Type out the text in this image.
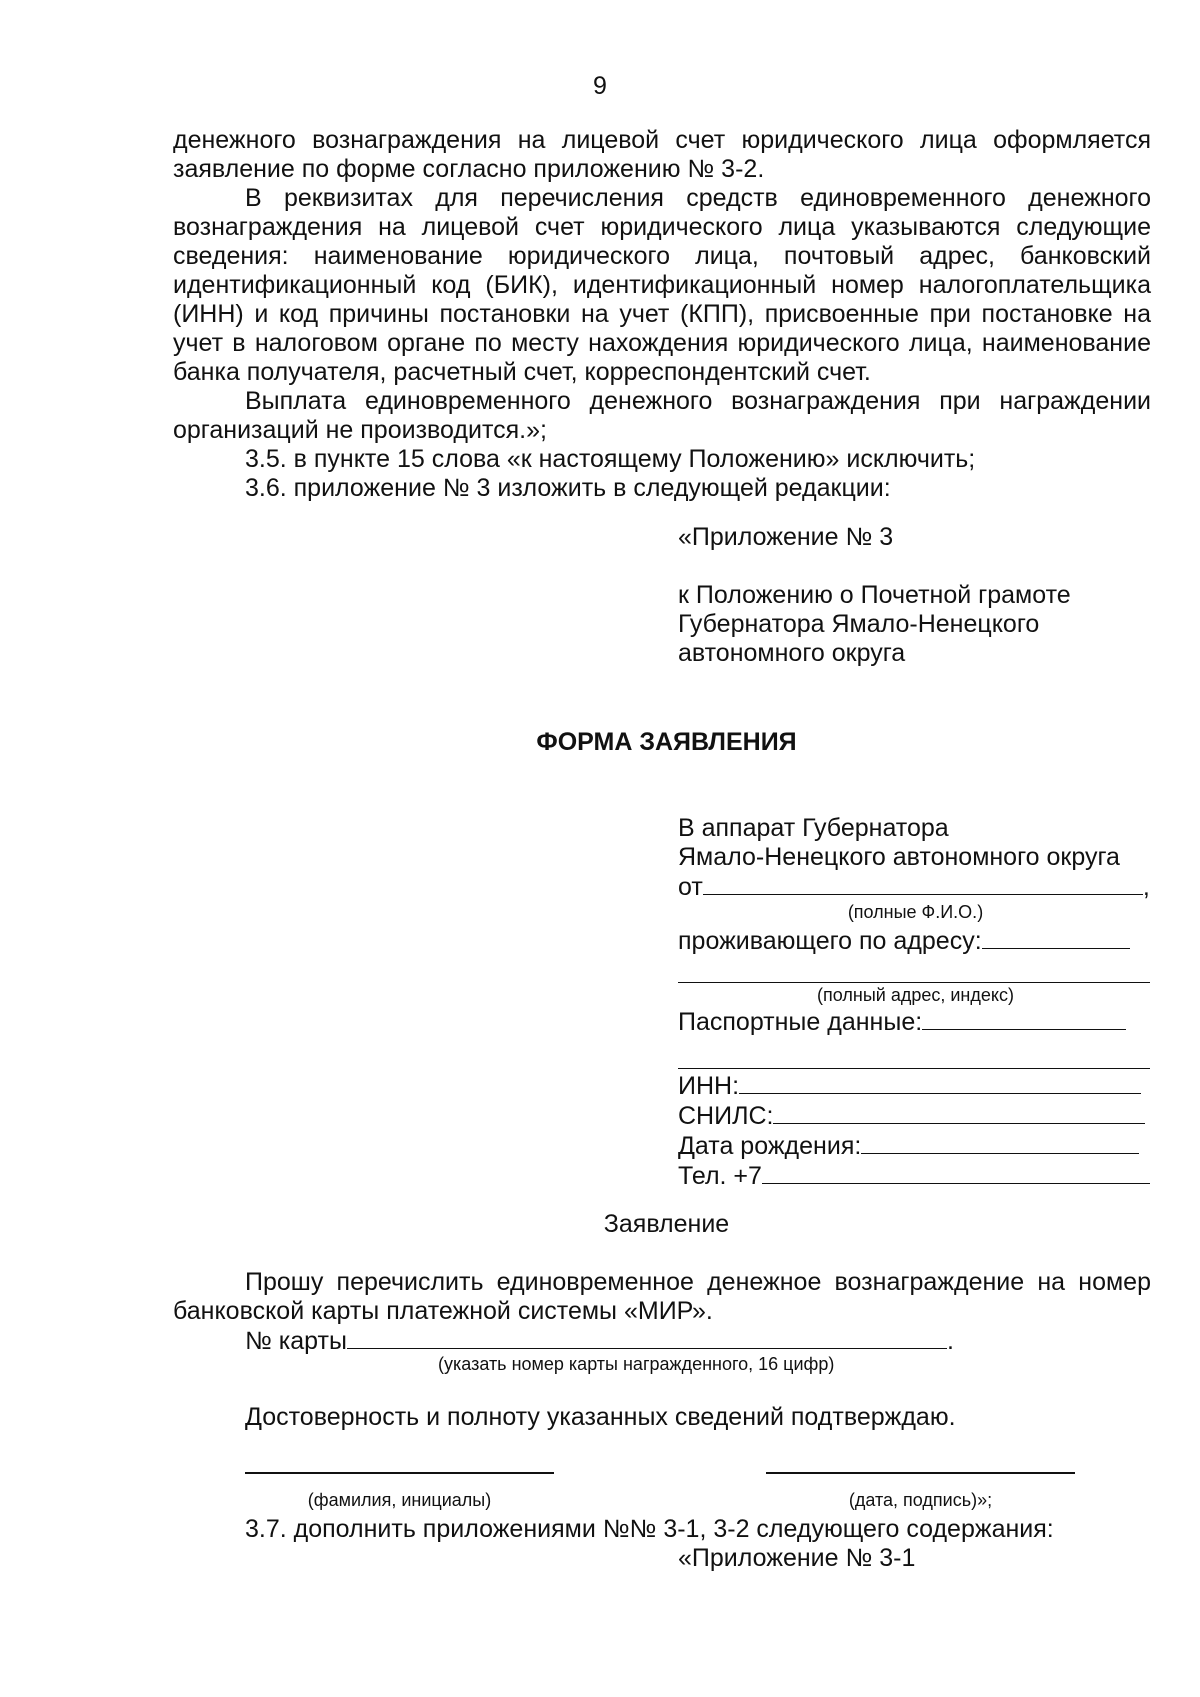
9

денежного вознаграждения на лицевой счет юридического лица оформляется заявление по форме согласно приложению № 3-2.

В реквизитах для перечисления средств единовременного денежного вознаграждения на лицевой счет юридического лица указываются следующие сведения: наименование юридического лица, почтовый адрес, банковский идентификационный код (БИК), идентификационный номер налогоплательщика (ИНН) и код причины постановки на учет (КПП), присвоенные при постановке на учет в налоговом органе по месту нахождения юридического лица, наименование банка получателя, расчетный счет, корреспондентский счет.

Выплата единовременного денежного вознаграждения при награждении организаций не производится.»;

3.5. в пункте 15 слова «к настоящему Положению» исключить;

3.6. приложение № 3 изложить в следующей редакции:

«Приложение № 3
к Положению о Почетной грамоте
Губернатора Ямало-Ненецкого
автономного округа
ФОРМА ЗАЯВЛЕНИЯ
В аппарат Губернатора
Ямало-Ненецкого автономного округа
от	,
(полные Ф.И.О.)
проживающего по адресу:
(полный адрес, индекс)
Паспортные данные:
ИНН:
СНИЛС:
Дата рождения:
Тел. +7
Заявление

Прошу перечислить единовременное денежное вознаграждение на номер банковской карты платежной системы «МИР».

№ карты	.
(указать номер карты награжденного, 16 цифр)
Достоверность и полноту указанных сведений подтверждаю.
(фамилия, инициалы)	(дата, подпись)»;
3.7. дополнить приложениями №№ 3-1, 3-2 следующего содержания:
«Приложение № 3-1
